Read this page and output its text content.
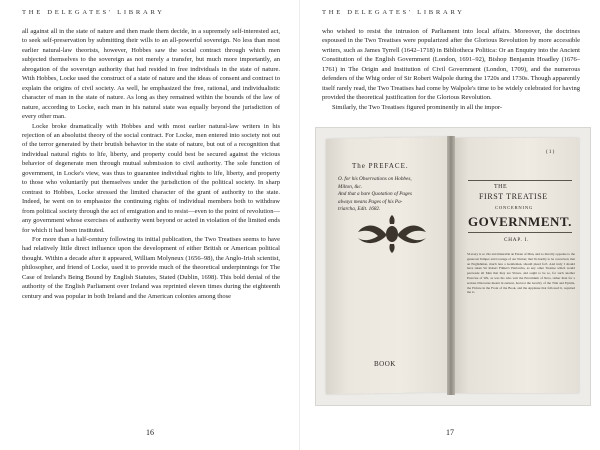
THE DELEGATES' LIBRARY

all against all in the state of nature and then made them decide, in a supremely self-interested act, to seek self-preservation by submitting their wills to an all-powerful sovereign. No less than most earlier natural-law theorists, however, Hobbes saw the social contract through which men subjected themselves to the sovereign as not merely a transfer, but much more importantly, an abrogation of the sovereign authority that had resided in free individuals in the state of nature. With Hobbes, Locke used the construct of a state of nature and the ideas of consent and contract to explain the origins of civil society. As well, he emphasized the free, rational, and individualistic character of man in the state of nature. As long as they remained within the bounds of the law of nature, according to Locke, each man in his natural state was equally beyond the jurisdiction of every other man.

Locke broke dramatically with Hobbes and with most earlier natural-law writers in his rejection of an absolutist theory of the social contract. For Locke, men entered into society not out of the terror generated by their brutish behavior in the state of nature, but out of a recognition that individual natural rights to life, liberty, and property could best be secured against the vicious behavior of degenerate men through mutual submission to civil authority. The sole function of government, in Locke's view, was thus to guarantee individual rights to life, liberty, and property to those who voluntarily put themselves under the jurisdiction of the political society. In sharp contrast to Hobbes, Locke stressed the limited character of the grant of authority to the state. Indeed, he went on to emphasize the continuing rights of individual members both to withdraw from political society through the act of emigration and to resist—even to the point of revolution—any government whose exercises of authority went beyond or acted in violation of the limited ends for which it had been instituted.

For more than a half-century following its initial publication, the Two Treatises seems to have had relatively little direct influence upon the development of either British or American political thought. Within a decade after it appeared, William Molyneux (1656–98), the Anglo-Irish scientist, philosopher, and friend of Locke, used it to provide much of the theoretical underpinnings for The Case of Ireland's Being Bound by English Statutes, Stated (Dublin, 1698). This bold denial of the authority of the English Parliament over Ireland was reprinted eleven times during the eighteenth century and was popular in both Ireland and the American colonies among those

16
THE DELEGATES' LIBRARY

who wished to resist the intrusion of Parliament into local affairs. Moreover, the doctrines espoused in the Two Treatises were popularized after the Glorious Revolution by more accessible writers, such as James Tyrrell (1642–1718) in Bibliotheca Politica: Or an Enquiry into the Ancient Constitution of the English Government (London, 1691–92), Bishop Benjamin Hoadley (1676–1761) in The Origin and Institution of Civil Government (London, 1709), and the numerous defenders of the Whig order of Sir Robert Walpole during the 1720s and 1730s. Though apparently itself rarely read, the Two Treatises had come by Walpole's time to be widely celebrated for having provided the theoretical justification for the Glorious Revolution.

Similarly, the Two Treatises figured prominently in all the impor-

The PREFACE.
O. for his Observations on Hobbes,
Milton, &c.
And that a bare Quotation of Pages
always means Pages of his Pa-
triarcha, Edit. 1682.
BOOK
( 1 )
THE
FIRST TREATISE
CONCERNING
GOVERNMENT.
CHAP. I.
SLavery is so vile and miserable an Estate of Man, and so directly opposite to the generous Temper and Courage of our Nation; that 'tis hardly to be conceived, that an Englishman, much less a Gentleman, should plead for't. And truly I should have taken Sir Robert Filmer's Patriarcha, as any other Treatise which would perswade all Men that they are Slaves, and ought to be so, for such another Exercise of Wit, as was his who writ the Encomium of Nero, rather than for a serious Discourse meant in earnest, had not the Gravity of the Title and Epistle, the Picture in the Front of the Book, and the Applause that followed it, required me to
17
